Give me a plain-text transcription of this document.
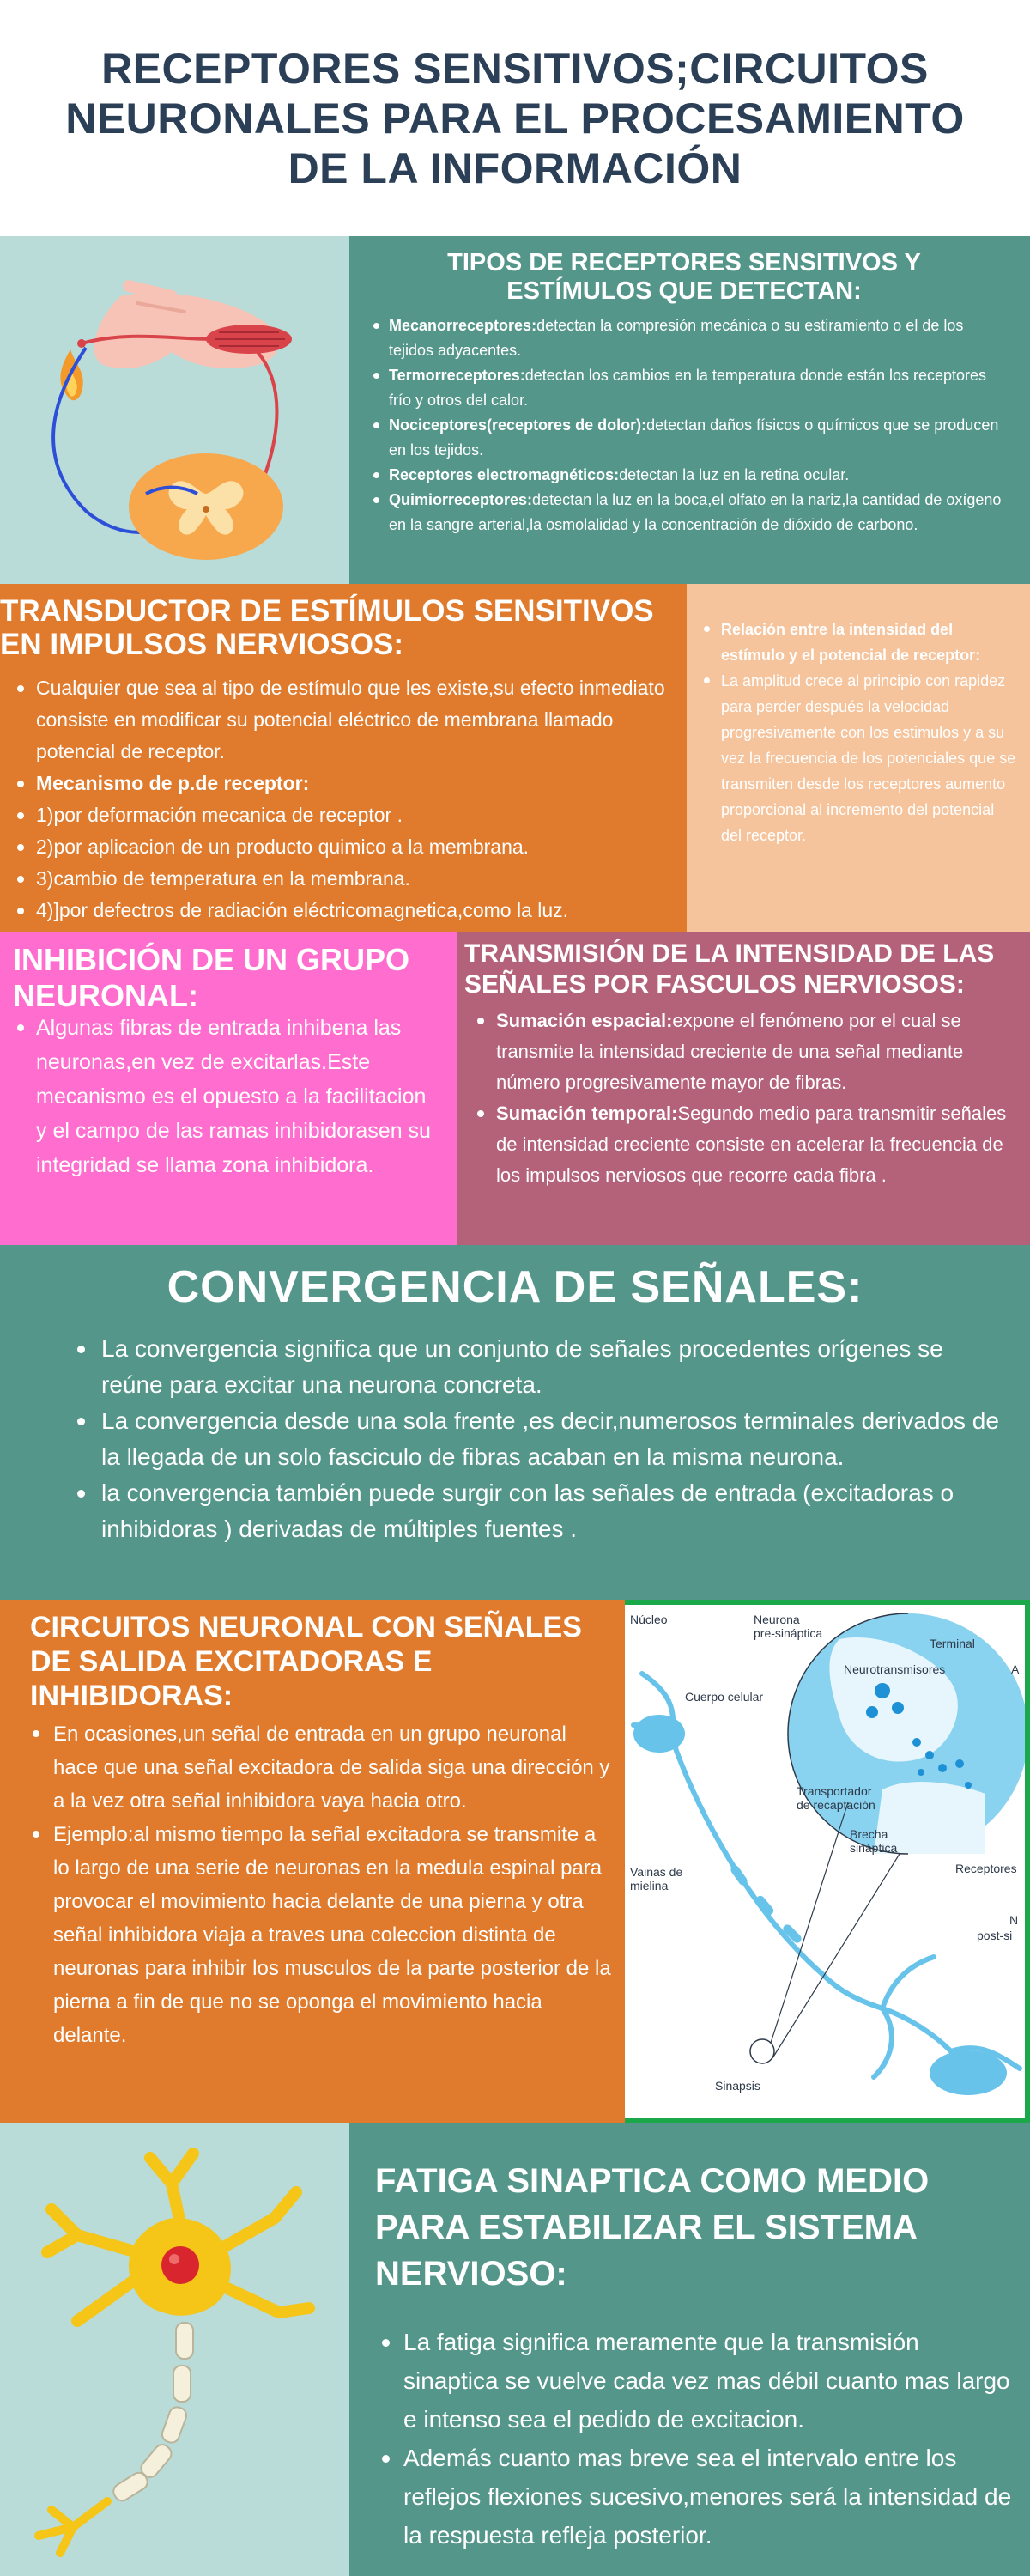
RECEPTORES SENSITIVOS;CIRCUITOS NEURONALES PARA EL PROCESAMIENTO DE LA INFORMACIÓN
TIPOS DE RECEPTORES SENSITIVOS Y ESTÍMULOS QUE DETECTAN:
Mecanorreceptores:detectan la compresión mecánica o su estiramiento o el de los tejidos adyacentes.
Termorreceptores:detectan los cambios en la temperatura donde están los receptores frío y otros del calor.
Nociceptores(receptores de dolor):detectan daños físicos o químicos que se producen en los tejidos.
Receptores electromagnéticos:detectan la luz en la retina ocular.
Quimiorreceptores:detectan la luz en la boca,el olfato en la nariz,la cantidad de oxígeno en la sangre arterial,la osmolalidad y la concentración de dióxido de carbono.
TRANSDUCTOR DE ESTÍMULOS SENSITIVOS EN IMPULSOS NERVIOSOS:
Cualquier que sea al tipo de estímulo que les existe,su efecto inmediato consiste en modificar su potencial eléctrico de membrana llamado potencial de receptor.
Mecanismo de p.de receptor:
1)por deformación mecanica de receptor .
2)por aplicacion de un producto quimico a la membrana.
3)cambio de temperatura en la membrana.
4)]por defectros de radiación eléctricomagnetica,como la luz.
Relación entre la intensidad del estímulo y el potencial de receptor:
La amplitud crece al principio con rapidez para perder después la velocidad progresivamente con los estimulos y a su vez la frecuencia de los potenciales que se transmiten desde los receptores aumento proporcional al incremento del potencial del receptor.
INHIBICIÓN DE UN GRUPO NEURONAL:
Algunas fibras de entrada inhibena las neuronas,en vez de excitarlas.Este mecanismo es el opuesto a la facilitacion y el campo de las ramas inhibidorasen su integridad se llama zona inhibidora.
TRANSMISIÓN DE LA INTENSIDAD DE LAS SEÑALES POR FASCULOS NERVIOSOS:
Sumación espacial:expone el fenómeno por el cual se transmite la intensidad creciente de una señal mediante número progresivamente mayor de fibras.
Sumación temporal:Segundo medio para transmitir señales de intensidad creciente consiste en acelerar la frecuencia de los impulsos nerviosos que recorre cada fibra .
CONVERGENCIA DE SEÑALES:
La convergencia significa que un conjunto de señales procedentes orígenes se reúne para excitar una neurona concreta.
La convergencia desde una sola frente ,es decir,numerosos terminales derivados de la llegada de un solo fasciculo de fibras acaban en la misma neurona.
la convergencia también puede surgir con las señales de entrada (excitadoras o inhibidoras ) derivadas de múltiples fuentes .
CIRCUITOS NEURONAL CON SEÑALES DE SALIDA EXCITADORAS E INHIBIDORAS:
En ocasiones,un señal de entrada en un grupo neuronal hace que una señal excitadora de salida siga una dirección y a la vez otra señal inhibidora vaya hacia otro.
Ejemplo:al mismo tiempo la señal excitadora se transmite a lo largo de una serie de neuronas en la medula espinal para provocar el movimiento hacia delante de una pierna y otra señal inhibidora viaja a traves una coleccion distinta de neuronas para inhibir los musculos de la parte posterior de la pierna a fin de que no se oponga el movimiento hacia delante.
Núcleo	Neurona
pre-sináptica
Terminal
Neurotransmisores	A
Cuerpo celular
Transportador
de recaptación
Brecha
sináptica
Vainas de
mielina
Receptores
N
post-si
Sinapsis
FATIGA SINAPTICA COMO MEDIO PARA ESTABILIZAR EL SISTEMA NERVIOSO:
La fatiga significa meramente que la transmisión sinaptica se vuelve cada vez mas débil cuanto mas largo e intenso sea el pedido de excitacion.
Además cuanto mas breve sea el intervalo entre los reflejos flexiones sucesivo,menores será la intensidad de la respuesta refleja posterior.
